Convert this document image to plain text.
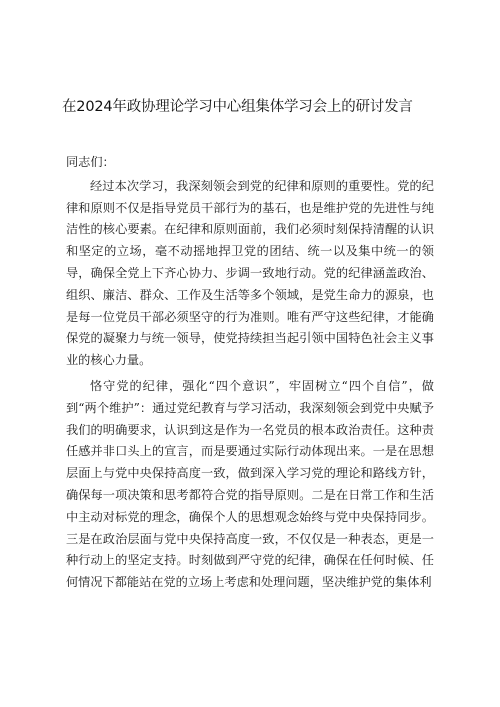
在2024年政协理论学习中心组集体学习会上的研讨发言

同志们：

经过本次学习，我深刻领会到党的纪律和原则的重要性。党的纪律和原则不仅是指导党员干部行为的基石，也是维护党的先进性与纯洁性的核心要素。在纪律和原则面前，我们必须时刻保持清醒的认识和坚定的立场，毫不动摇地捍卫党的团结、统一以及集中统一的领导，确保全党上下齐心协力、步调一致地行动。党的纪律涵盖政治、组织、廉洁、群众、工作及生活等多个领域，是党生命力的源泉，也是每一位党员干部必须坚守的行为准则。唯有严守这些纪律，才能确保党的凝聚力与统一领导，使党持续担当起引领中国特色社会主义事业的核心力量。

恪守党的纪律，强化“四个意识”，牢固树立“四个自信”，做到“两个维护”：通过党纪教育与学习活动，我深刻领会到党中央赋予我们的明确要求，认识到这是作为一名党员的根本政治责任。这种责任感并非口头上的宣言，而是要通过实际行动体现出来。一是在思想层面上与党中央保持高度一致，做到深入学习党的理论和路线方针，确保每一项决策和思考都符合党的指导原则。二是在日常工作和生活中主动对标党的理念，确保个人的思想观念始终与党中央保持同步。三是在政治层面与党中央保持高度一致，不仅仅是一种表态，更是一种行动上的坚定支持。时刻做到严守党的纪律，确保在任何时候、任何情况下都能站在党的立场上考虑和处理问题，坚决维护党的集体利
